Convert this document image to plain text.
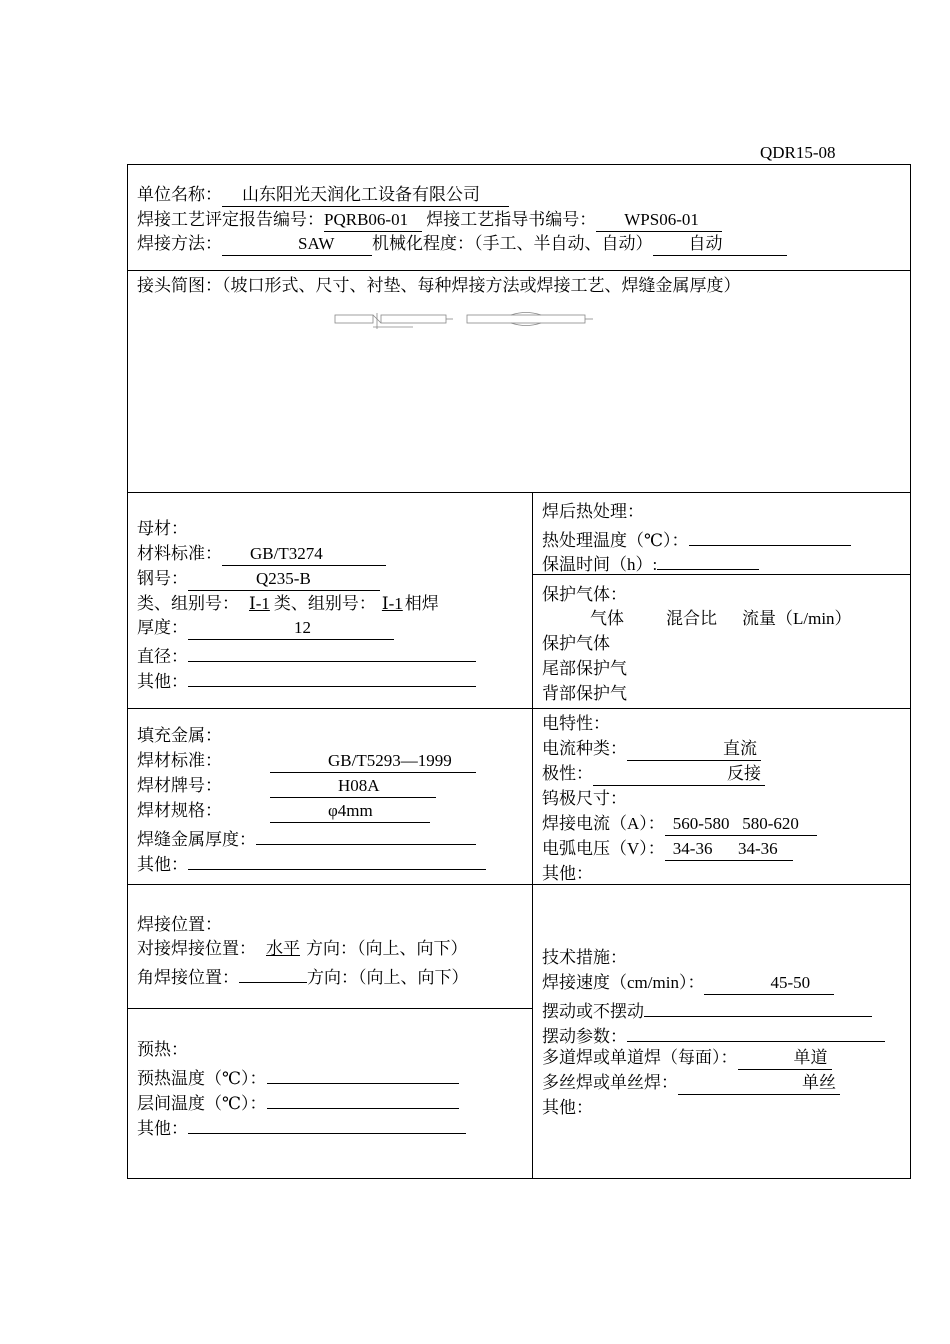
QDR15-08
单位名称： 山东阳光天润化工设备有限公司
焊接工艺评定报告编号：PQRB06-01 焊接工艺指导书编号： WPS06-01
焊接方法：	SAW 机械化程度：（手工、半自动、自动） 自动
接头简图：（坡口形式、尺寸、衬垫、每种焊接方法或焊接工艺、焊缝金属厚度）
母材：
材料标准： GB/T3274
钢号：	Q235-B
类、组别号： Ⅰ-1 类、组别号： Ⅰ-1 相焊
厚度：	12
直径：
其他：
焊后热处理：
热处理温度（℃）：
保温时间（h）:
保护气体：
气体 混合比 流量（L/min）
保护气体
尾部保护气
背部保护气
填充金属：
焊材标准：	GB/T5293—1999
焊材牌号：	H08A
焊材规格：	φ4mm
焊缝金属厚度：
其他：
电特性：
电流种类：	直流
极性：	反接
钨极尺寸：
焊接电流（A）： 560-580   580-620
电弧电压（V）： 34-36      34-36
其他：
焊接位置：
对接焊接位置： 水平 方向：（向上、向下）
角焊接位置：	方向：（向上、向下）
预热：
预热温度（℃）：
层间温度（℃）：
其他：
技术措施：
焊接速度（cm/min）：	45-50
摆动或不摆动
摆动参数：
多道焊或单道焊（每面）：	单道
多丝焊或单丝焊：	单丝
其他：
